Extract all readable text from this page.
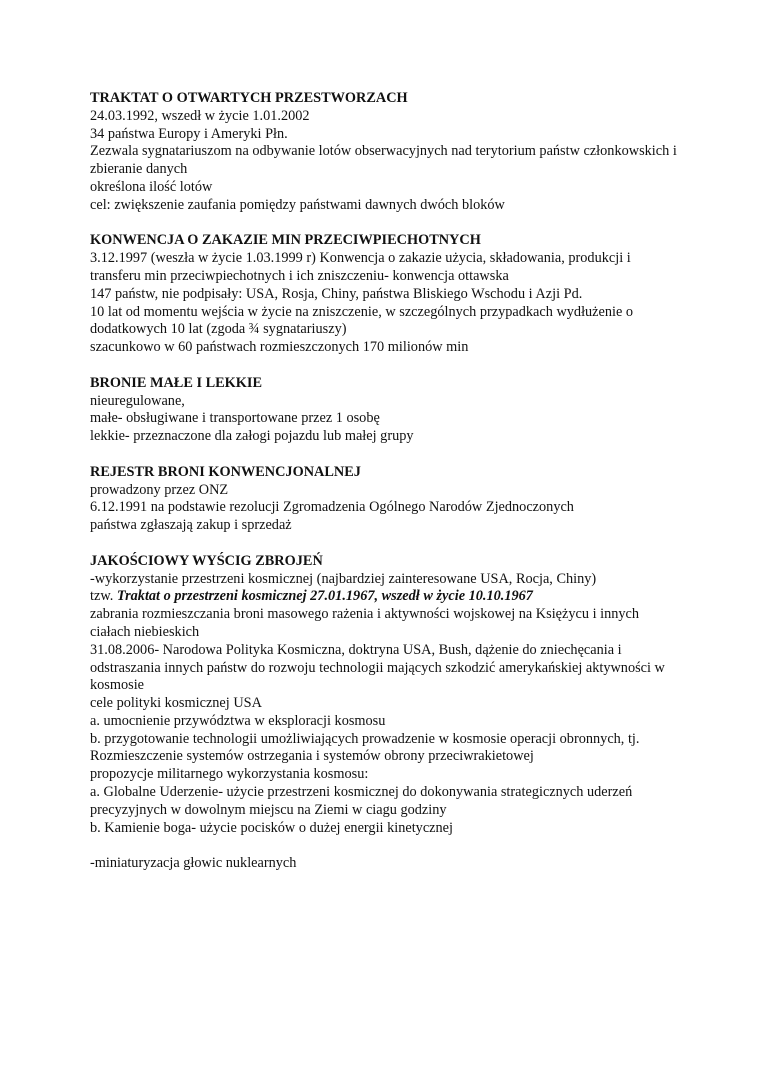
TRAKTAT O OTWARTYCH PRZESTWORZACH
24.03.1992, wszedł w życie 1.01.2002
34 państwa Europy i Ameryki Płn.
Zezwala sygnatariuszom na odbywanie lotów obserwacyjnych nad terytorium państw członkowskich i zbieranie danych
określona ilość lotów
cel: zwiększenie zaufania pomiędzy państwami dawnych dwóch bloków
KONWENCJA O ZAKAZIE MIN PRZECIWPIECHOTNYCH
3.12.1997 (weszła w życie 1.03.1999 r) Konwencja o zakazie użycia, składowania, produkcji i transferu min przeciwpiechotnych i ich zniszczeniu- konwencja ottawska
147 państw, nie podpisały: USA, Rosja, Chiny, państwa Bliskiego Wschodu i Azji Pd.
10 lat od momentu wejścia w życie na zniszczenie, w szczególnych przypadkach wydłużenie o dodatkowych 10 lat (zgoda ¾ sygnatariuszy)
szacunkowo w 60 państwach rozmieszczonych 170 milionów min
BRONIE MAŁE I LEKKIE
nieuregulowane,
małe- obsługiwane i transportowane przez 1 osobę
lekkie- przeznaczone dla załogi pojazdu lub małej grupy
REJESTR BRONI KONWENCJONALNEJ
prowadzony przez ONZ
6.12.1991 na podstawie rezolucji Zgromadzenia Ogólnego Narodów Zjednoczonych
państwa zgłaszają zakup i sprzedaż
JAKOŚCIOWY WYŚCIG ZBROJEŃ
-wykorzystanie przestrzeni kosmicznej (najbardziej zainteresowane USA, Rocja, Chiny)
tzw. Traktat o przestrzeni kosmicznej 27.01.1967, wszedł w życie 10.10.1967
zabrania rozmieszczania broni masowego rażenia i aktywności wojskowej na Księżycu i innych ciałach niebieskich
31.08.2006- Narodowa Polityka Kosmiczna, doktryna USA, Bush, dążenie do zniechęcania i odstraszania innych państw do rozwoju technologii mających szkodzić amerykańskiej aktywności w kosmosie
cele polityki kosmicznej USA
a. umocnienie przywództwa w eksploracji kosmosu
b. przygotowanie technologii umożliwiających prowadzenie w kosmosie operacji obronnych, tj. Rozmieszczenie systemów ostrzegania i systemów obrony przeciwrakietowej
propozycje militarnego wykorzystania kosmosu:
a. Globalne Uderzenie- użycie przestrzeni kosmicznej do dokonywania strategicznych uderzeń precyzyjnych w dowolnym miejscu na Ziemi w ciagu godziny
b. Kamienie boga- użycie pocisków o dużej energii kinetycznej
-miniaturyzacja głowic nuklearnych
